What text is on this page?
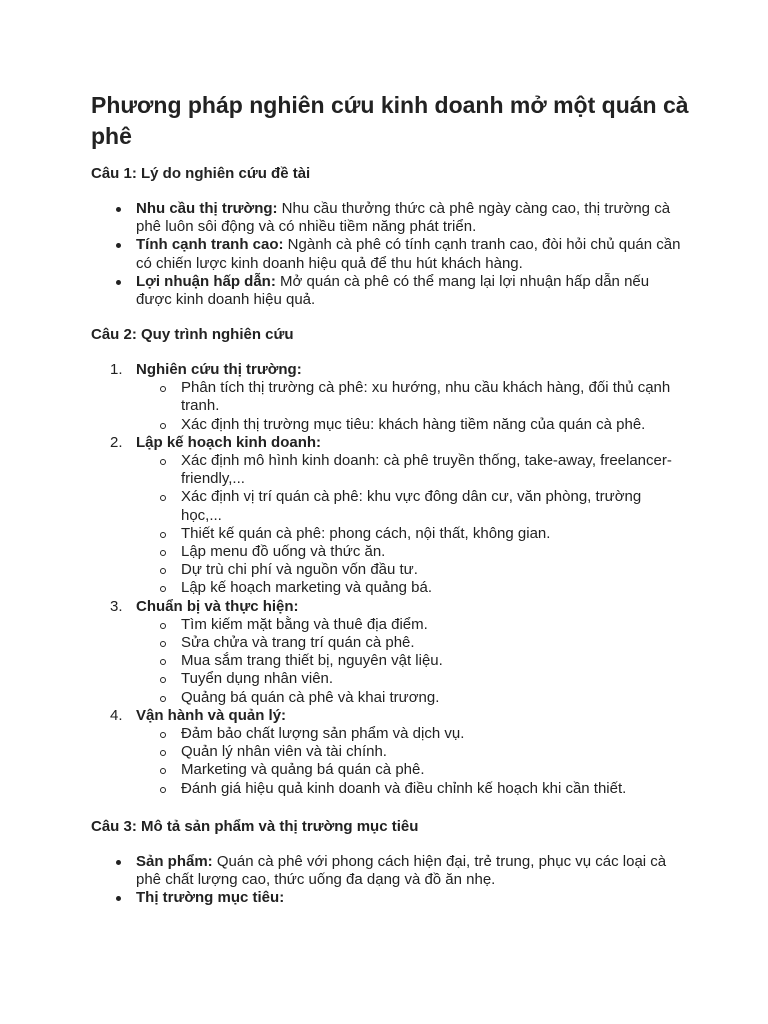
Phương pháp nghiên cứu kinh doanh mở một quán cà phê
Câu 1: Lý do nghiên cứu đề tài
Nhu cầu thị trường: Nhu cầu thưởng thức cà phê ngày càng cao, thị trường cà phê luôn sôi động và có nhiều tiềm năng phát triển.
Tính cạnh tranh cao: Ngành cà phê có tính cạnh tranh cao, đòi hỏi chủ quán cần có chiến lược kinh doanh hiệu quả để thu hút khách hàng.
Lợi nhuận hấp dẫn: Mở quán cà phê có thể mang lại lợi nhuận hấp dẫn nếu được kinh doanh hiệu quả.
Câu 2: Quy trình nghiên cứu
1. Nghiên cứu thị trường:
Phân tích thị trường cà phê: xu hướng, nhu cầu khách hàng, đối thủ cạnh tranh.
Xác định thị trường mục tiêu: khách hàng tiềm năng của quán cà phê.
2. Lập kế hoạch kinh doanh:
Xác định mô hình kinh doanh: cà phê truyền thống, take-away, freelancer-friendly,...
Xác định vị trí quán cà phê: khu vực đông dân cư, văn phòng, trường học,...
Thiết kế quán cà phê: phong cách, nội thất, không gian.
Lập menu đồ uống và thức ăn.
Dự trù chi phí và nguồn vốn đầu tư.
Lập kế hoạch marketing và quảng bá.
3. Chuẩn bị và thực hiện:
Tìm kiếm mặt bằng và thuê địa điểm.
Sửa chửa và trang trí quán cà phê.
Mua sắm trang thiết bị, nguyên vật liệu.
Tuyển dụng nhân viên.
Quảng bá quán cà phê và khai trương.
4. Vận hành và quản lý:
Đảm bảo chất lượng sản phẩm và dịch vụ.
Quản lý nhân viên và tài chính.
Marketing và quảng bá quán cà phê.
Đánh giá hiệu quả kinh doanh và điều chỉnh kế hoạch khi cần thiết.
Câu 3: Mô tả sản phẩm và thị trường mục tiêu
Sản phẩm: Quán cà phê với phong cách hiện đại, trẻ trung, phục vụ các loại cà phê chất lượng cao, thức uống đa dạng và đồ ăn nhẹ.
Thị trường mục tiêu:
